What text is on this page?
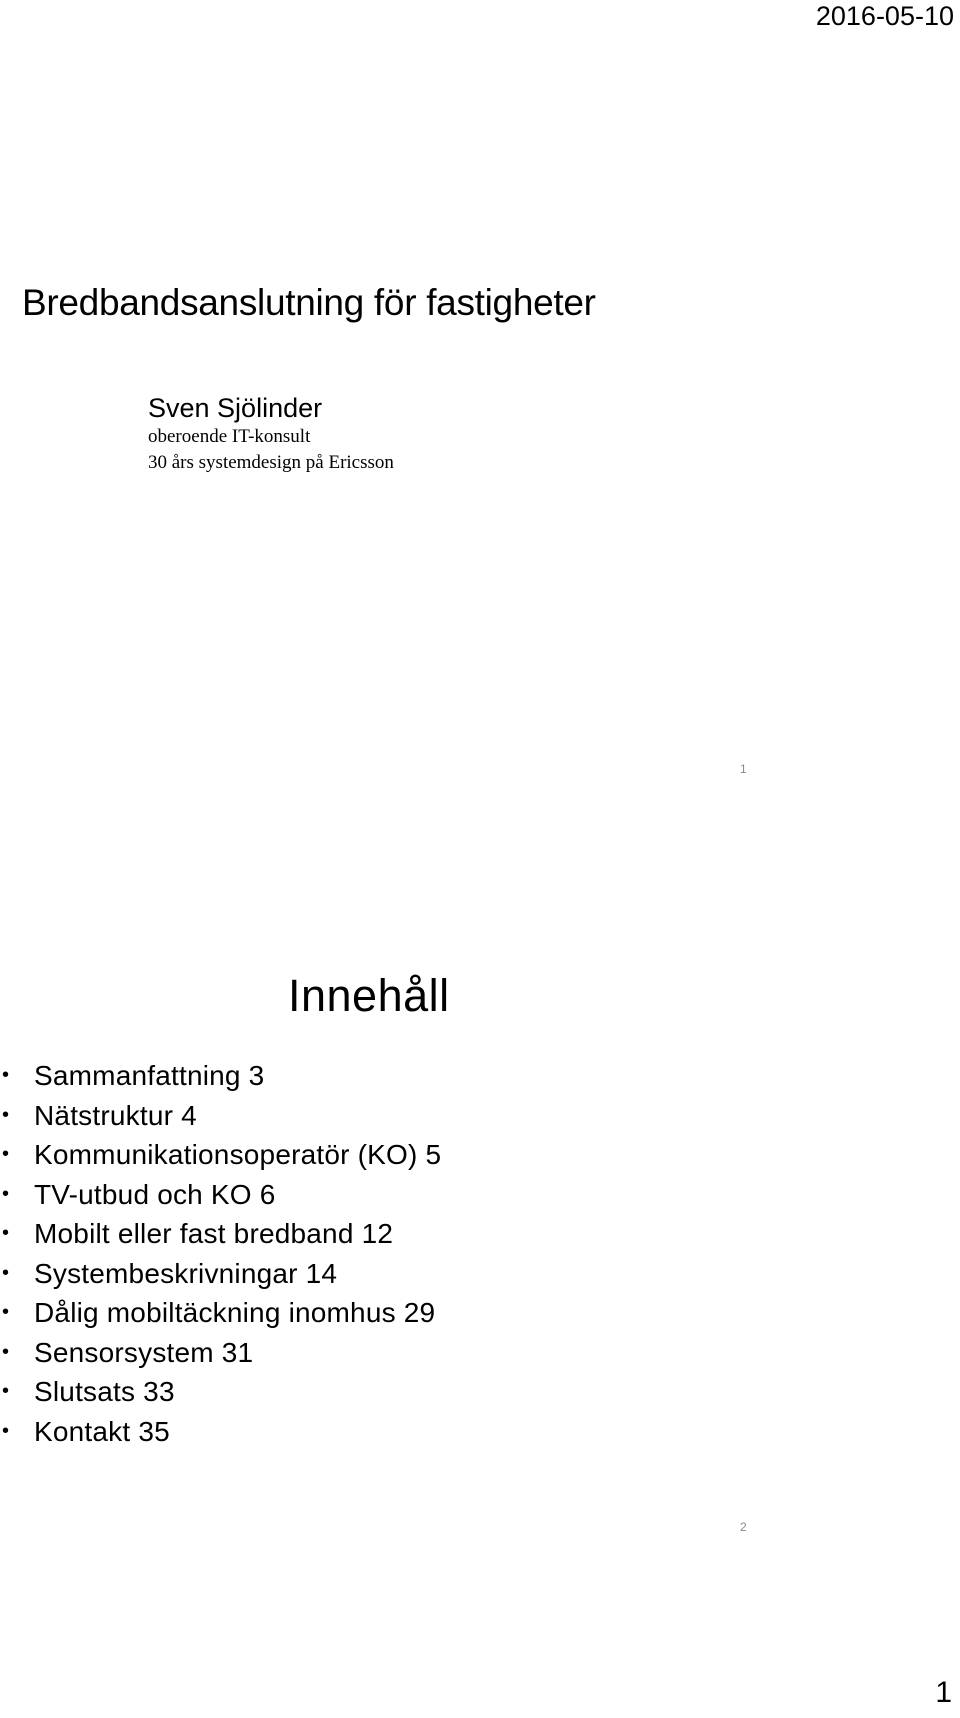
2016-05-10
Bredbandsanslutning för fastigheter
Sven Sjölinder
oberoende IT-konsult
30 års systemdesign på Ericsson
1
Innehåll
• Sammanfattning 3
• Nätstruktur 4
• Kommunikationsoperatör (KO) 5
• TV-utbud och KO 6
• Mobilt eller fast bredband 12
• Systembeskrivningar 14
• Dålig mobiltäckning inomhus 29
• Sensorsystem 31
• Slutsats 33
• Kontakt 35
2
1
